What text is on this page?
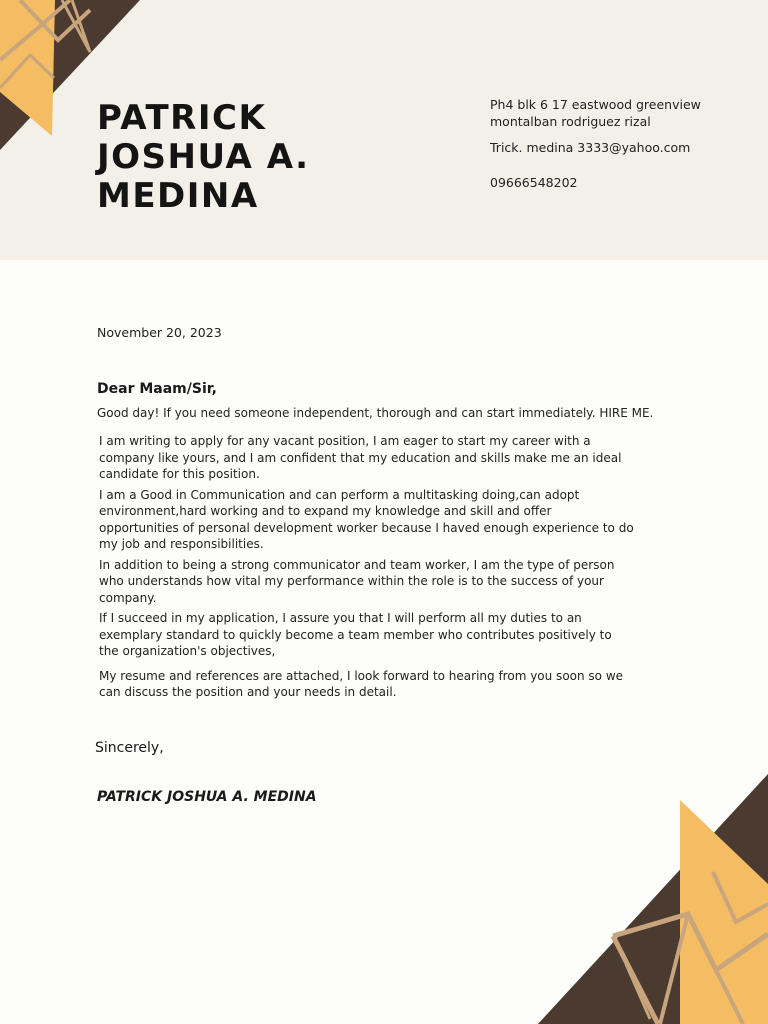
PATRICK
JOSHUA A.
MEDINA
Ph4 blk 6 17 eastwood greenview
montalban rodriguez rizal
Trick. medina 3333@yahoo.com
09666548202
November 20, 2023
Dear Maam/Sir,
Good day! If you need someone independent, thorough and can start immediately. HIRE ME.

I am writing to apply for any vacant position, I am eager to start my career with a company like yours, and I am confident that my education and skills make me an ideal candidate for this position.

I am a Good in Communication and can perform a multitasking doing,can adopt environment,hard working and to expand my knowledge and skill and offer opportunities of personal development worker because I haved enough experience to do my job and responsibilities.

In addition to being a strong communicator and team worker, I am the type of person who understands how vital my performance within the role is to the success of your company.

If I succeed in my application, I assure you that I will perform all my duties to an exemplary standard to quickly become a team member who contributes positively to the organization's objectives,

My resume and references are attached, I look forward to hearing from you soon so we can discuss the position and your needs in detail.

Sincerely,
PATRICK JOSHUA A. MEDINA
